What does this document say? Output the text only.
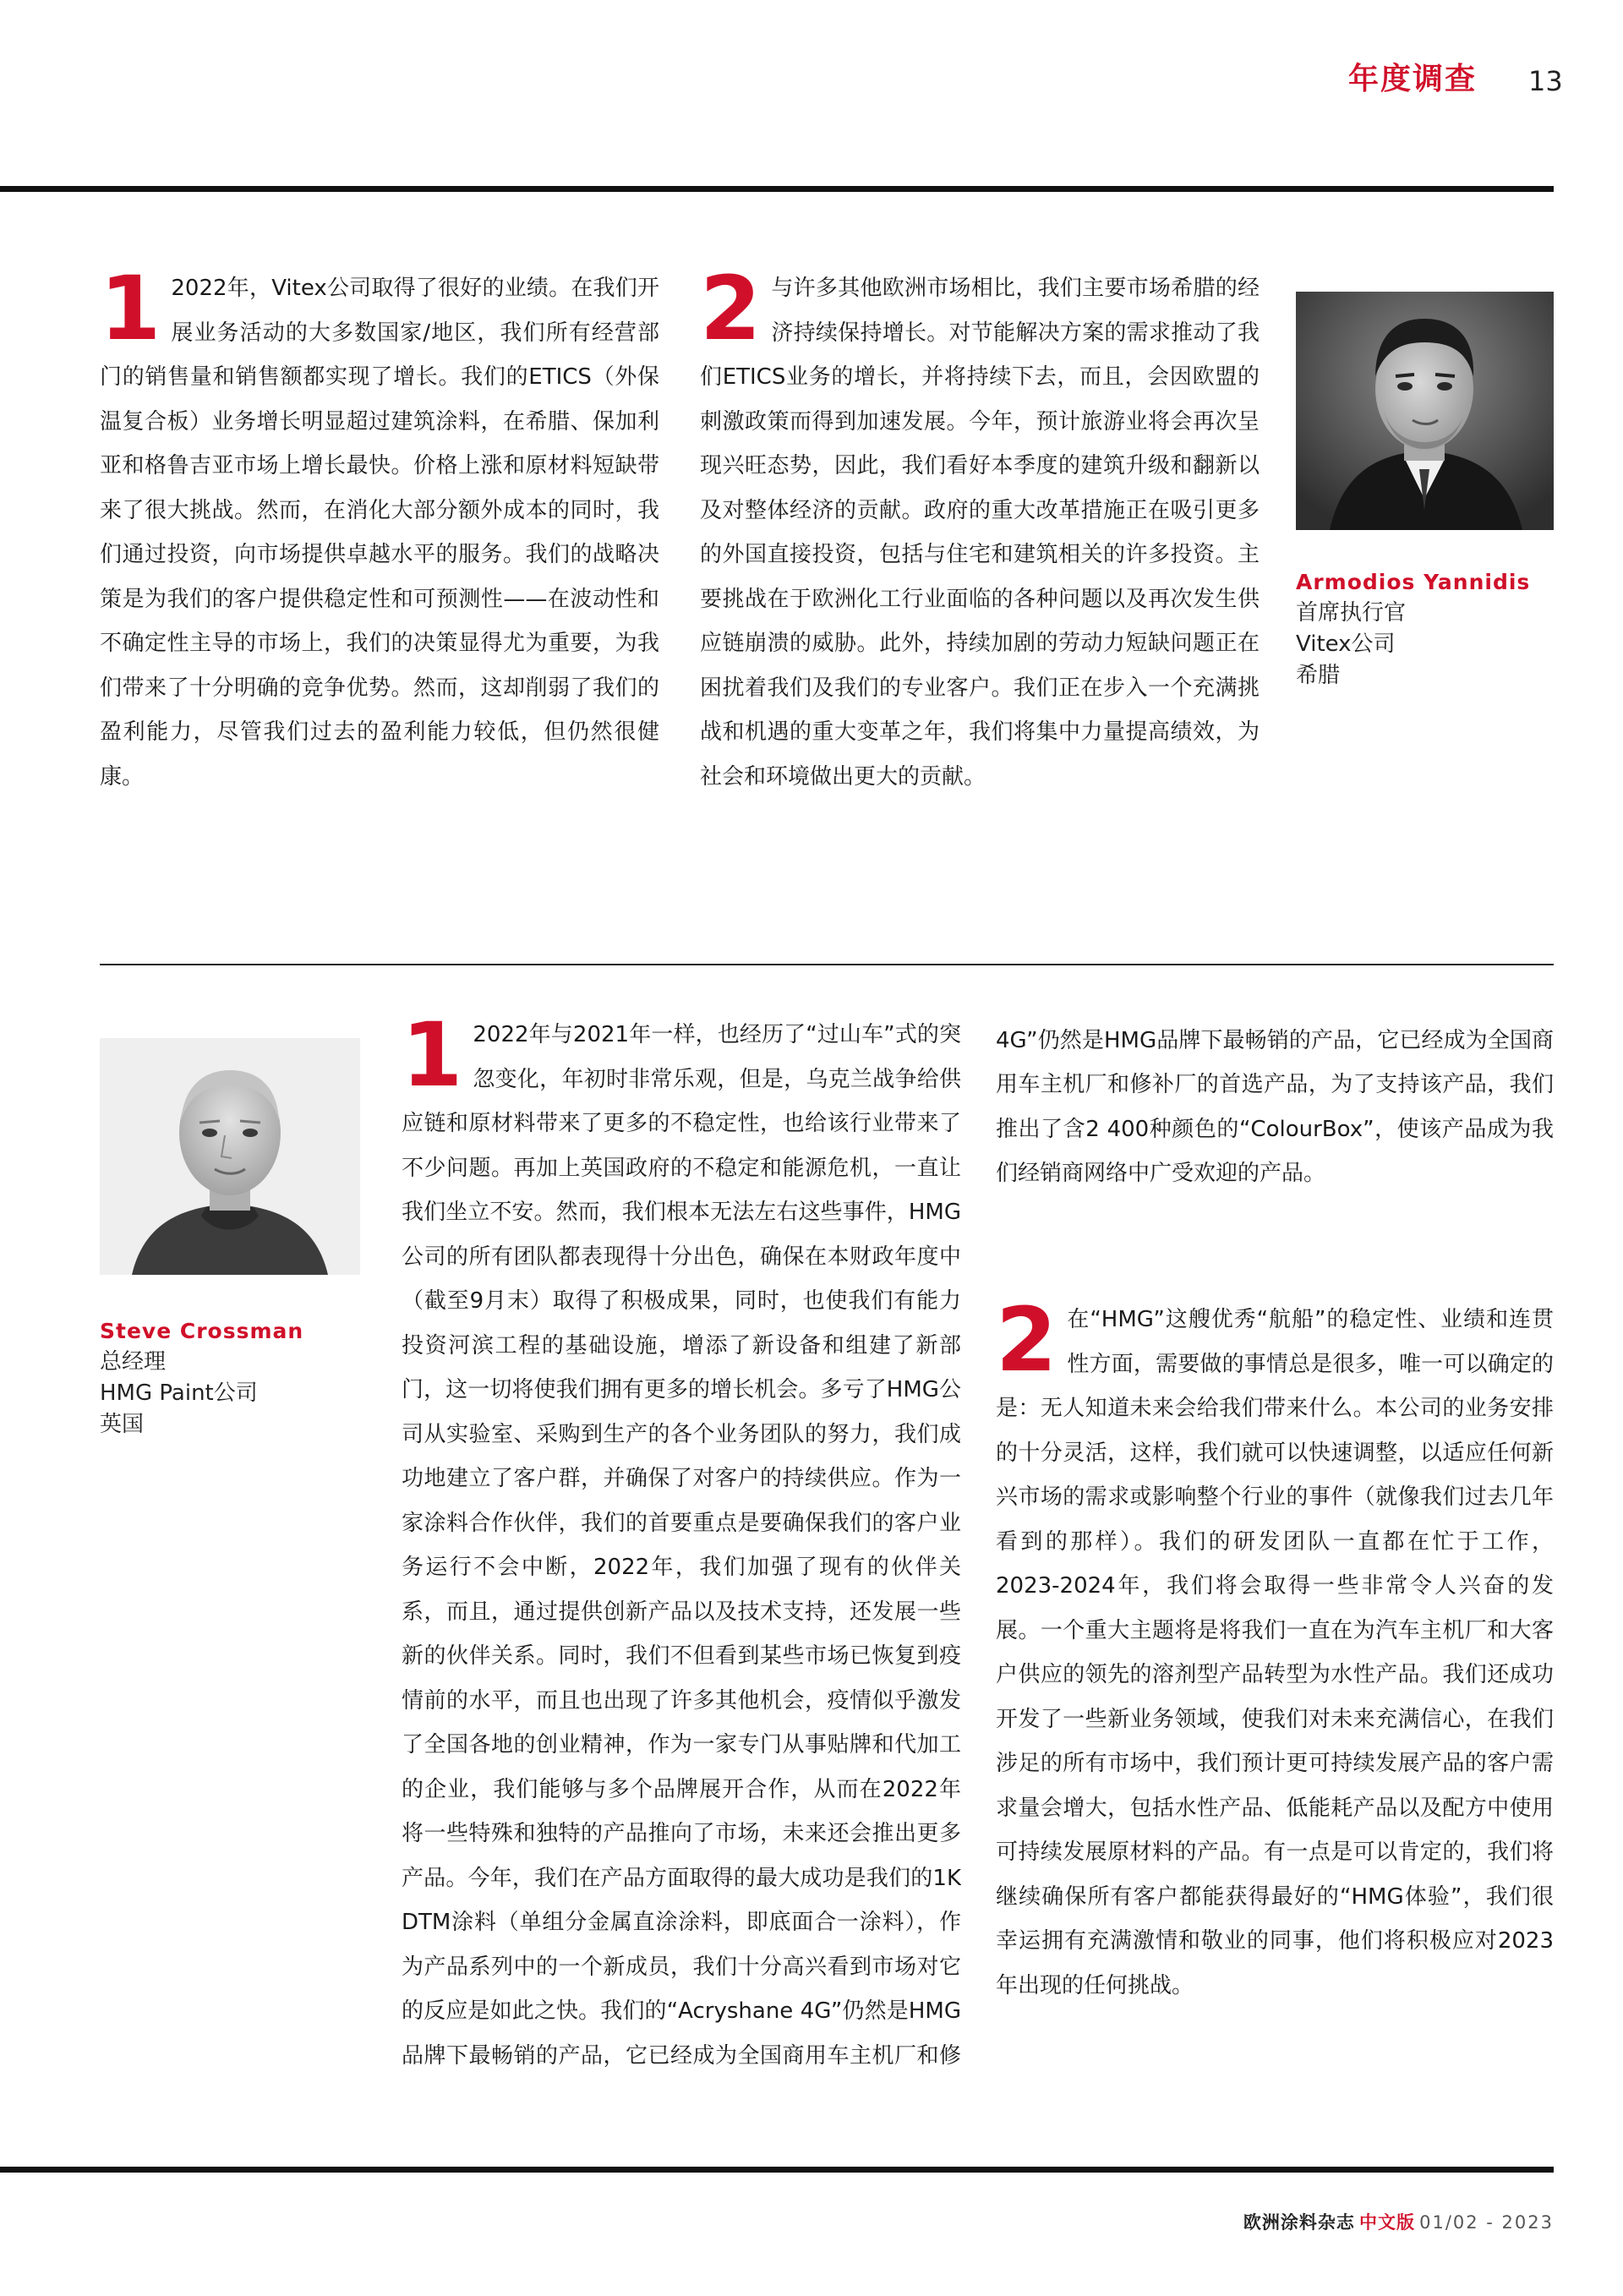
年度调查 13

1 2022年，Vitex公司取得了很好的业绩。在我们开展业务活动的大多数国家/地区，我们所有经营部门的销售量和销售额都实现了增长。我们的ETICS（外保温复合板）业务增长明显超过建筑涂料，在希腊、保加利亚和格鲁吉亚市场上增长最快。价格上涨和原材料短缺带来了很大挑战。然而，在消化大部分额外成本的同时，我们通过投资，向市场提供卓越水平的服务。我们的战略决策是为我们的客户提供稳定性和可预测性——在波动性和不确定性主导的市场上，我们的决策显得尤为重要，为我们带来了十分明确的竞争优势。然而，这却削弱了我们的盈利能力，尽管我们过去的盈利能力较低，但仍然很健康。

2 与许多其他欧洲市场相比，我们主要市场希腊的经济持续保持增长。对节能解决方案的需求推动了我们ETICS业务的增长，并将持续下去，而且，会因欧盟的刺激政策而得到加速发展。今年，预计旅游业将会再次呈现兴旺态势，因此，我们看好本季度的建筑升级和翻新以及对整体经济的贡献。政府的重大改革措施正在吸引更多的外国直接投资，包括与住宅和建筑相关的许多投资。主要挑战在于欧洲化工行业面临的各种问题以及再次发生供应链崩溃的威胁。此外，持续加剧的劳动力短缺问题正在困扰着我们及我们的专业客户。我们正在步入一个充满挑战和机遇的重大变革之年，我们将集中力量提高绩效，为社会和环境做出更大的贡献。

Armodios Yannidis
首席执行官
Vitex公司
希腊
Steve Crossman
总经理
HMG Paint公司
英国

1 2022年与2021年一样，也经历了“过山车”式的突忽变化，年初时非常乐观，但是，乌克兰战争给供应链和原材料带来了更多的不稳定性，也给该行业带来了不少问题。再加上英国政府的不稳定和能源危机，一直让我们坐立不安。然而，我们根本无法左右这些事件，HMG公司的所有团队都表现得十分出色，确保在本财政年度中（截至9月末）取得了积极成果，同时，也使我们有能力投资河滨工程的基础设施，增添了新设备和组建了新部门，这一切将使我们拥有更多的增长机会。多亏了HMG公司从实验室、采购到生产的各个业务团队的努力，我们成功地建立了客户群，并确保了对客户的持续供应。作为一家涂料合作伙伴，我们的首要重点是要确保我们的客户业务运行不会中断，2022年，我们加强了现有的伙伴关系，而且，通过提供创新产品以及技术支持，还发展一些新的伙伴关系。同时，我们不但看到某些市场已恢复到疫情前的水平，而且也出现了许多其他机会，疫情似乎激发了全国各地的创业精神，作为一家专门从事贴牌和代加工的企业，我们能够与多个品牌展开合作，从而在2022年将一些特殊和独特的产品推向了市场，未来还会推出更多产品。今年，我们在产品方面取得的最大成功是我们的1K DTM涂料（单组分金属直涂涂料，即底面合一涂料），作为产品系列中的一个新成员，我们十分高兴看到市场对它的反应是如此之快。我们的“Acryshane 4G”仍然是HMG品牌下最畅销的产品，它已经成为全国商用车主机厂和修

4G”仍然是HMG品牌下最畅销的产品，它已经成为全国商用车主机厂和修补厂的首选产品，为了支持该产品，我们推出了含2 400种颜色的“ColourBox”，使该产品成为我们经销商网络中广受欢迎的产品。

2 在“HMG”这艘优秀“航船”的稳定性、业绩和连贯性方面，需要做的事情总是很多，唯一可以确定的是：无人知道未来会给我们带来什么。本公司的业务安排的十分灵活，这样，我们就可以快速调整，以适应任何新兴市场的需求或影响整个行业的事件（就像我们过去几年看到的那样）。我们的研发团队一直都在忙于工作，2023-2024年，我们将会取得一些非常令人兴奋的发展。一个重大主题将是将我们一直在为汽车主机厂和大客户供应的领先的溶剂型产品转型为水性产品。我们还成功开发了一些新业务领域，使我们对未来充满信心，在我们涉足的所有市场中，我们预计更可持续发展产品的客户需求量会增大，包括水性产品、低能耗产品以及配方中使用可持续发展原材料的产品。有一点是可以肯定的，我们将继续确保所有客户都能获得最好的“HMG体验”，我们很幸运拥有充满激情和敬业的同事，他们将积极应对2023年出现的任何挑战。

欧洲涂料杂志 中文版 01/02 - 2023
